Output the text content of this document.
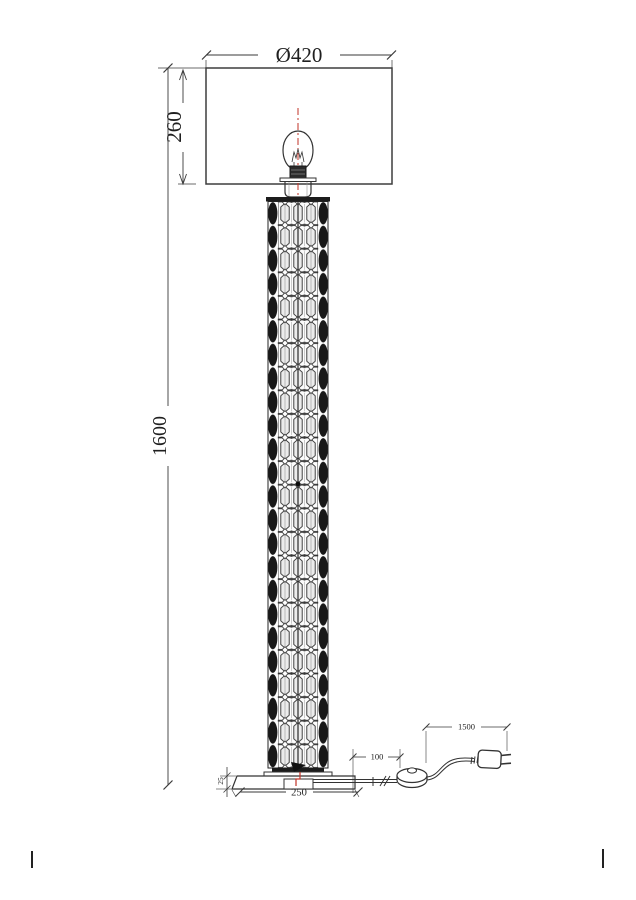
Ø420
260
1600
25
250
100
1500
